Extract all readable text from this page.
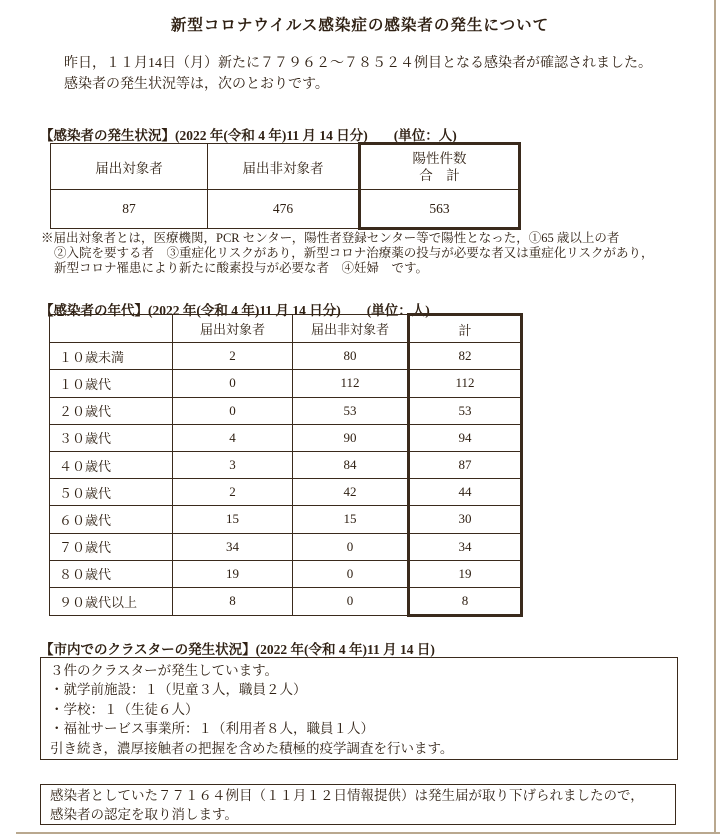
新型コロナウイルス感染症の感染者の発生について
昨日，１１月14日（月）新たに７７９６２～７８５２４例目となる感染者が確認されました。
感染者の発生状況等は，次のとおりです。
【感染者の発生状況】(2022 年(令和 4 年)11 月 14 日分) (単位：人)
届出対象者	届出非対象者	陽性件数
合　計

87	476	563
※届出対象者とは，医療機関，PCR センター，陽性者登録センター等で陽性となった，①65 歳以上の者
②入院を要する者　③重症化リスクがあり，新型コロナ治療薬の投与が必要な者又は重症化リスクがあり，
新型コロナ罹患により新たに酸素投与が必要な者　④妊婦　です。
【感染者の年代】(2022 年(令和 4 年)11 月 14 日分) (単位：人)
	届出対象者	届出非対象者	計
１０歳未満	2	80	82
１０歳代	0	112	112
２０歳代	0	53	53
３０歳代	4	90	94
４０歳代	3	84	87
５０歳代	2	42	44
６０歳代	15	15	30
７０歳代	34	0	34
８０歳代	19	0	19
９０歳代以上	8	0	8
【市内でのクラスターの発生状況】(2022 年(令和 4 年)11 月 14 日)
３件のクラスターが発生しています。
・就学前施設：１（児童３人，職員２人）
・学校：１（生徒６人）
・福祉サービス事業所：１（利用者８人，職員１人）
引き続き，濃厚接触者の把握を含めた積極的疫学調査を行います。
感染者としていた７７１６４例目（１１月１２日情報提供）は発生届が取り下げられましたので，
感染者の認定を取り消します。
